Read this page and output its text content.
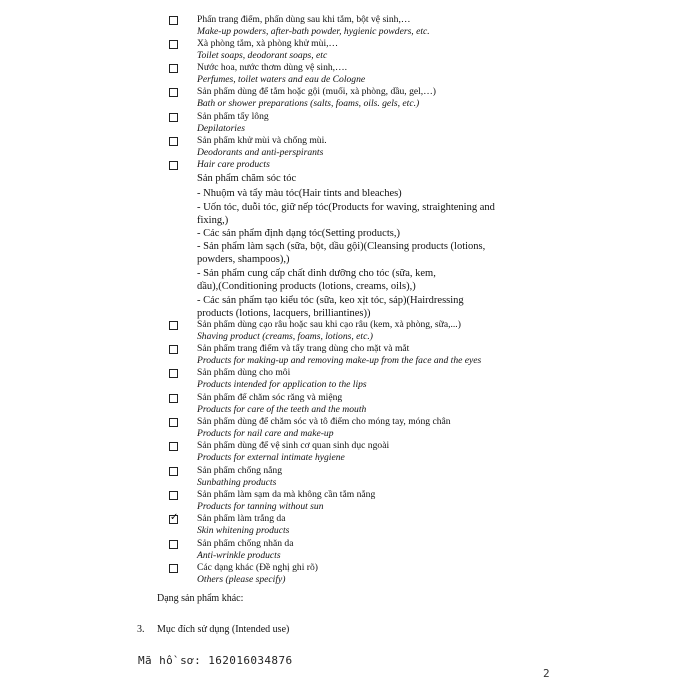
Phấn trang điểm, phấn dùng sau khi tắm, bột vệ sinh,…
Make-up powders, after-bath powder, hygienic powders, etc.
Xà phòng tắm, xà phòng khử mùi,…
Toilet soaps, deodorant soaps, etc
Nước hoa, nước thơm dùng vệ sinh,….
Perfumes, toilet waters and eau de Cologne
Sản phẩm dùng để tắm hoặc gội (muối, xà phòng, dầu, gel,…)
Bath or shower preparations (salts, foams, oils. gels, etc.)
Sản phẩm tẩy lông
Depilatories
Sản phẩm khử mùi và chống mùi.
Deodorants and anti-perspirants
Hair care products
Sản phẩm dùng cạo râu hoặc sau khi cạo râu (kem, xà phòng, sữa,...)
Shaving product (creams, foams, lotions, etc.)
Sản phẩm trang điểm và tẩy trang dùng cho mặt và mắt
Products for making-up and removing make-up from the face and the eyes
Sản phẩm dùng cho môi
Products intended for application to the lips
Sản phẩm để chăm sóc răng và miệng
Products for care of the teeth and the mouth
Sản phẩm dùng để chăm sóc và tô điểm cho móng tay, móng chân
Products for nail care and make-up
Sản phẩm dùng để vệ sinh cơ quan sinh dục ngoài
Products for external intimate hygiene
Sản phẩm chống nắng
Sunbathing products
Sản phẩm làm sạm da mà không cần tắm nắng
Products for tanning without sun
✓ Sản phẩm làm trắng da
Skin whitening products
Sản phẩm chống nhăn da
Anti-wrinkle products
Các dạng khác (Đề nghị ghi rõ)
Others (please specify)
Sản phẩm chăm sóc tóc
- Nhuộm và tẩy màu tóc(Hair tints and bleaches)
- Uốn tóc, duỗi tóc, giữ nếp tóc(Products for waving, straightening and
fixing,)
- Các sản phẩm định dạng tóc(Setting products,)
- Sản phẩm làm sạch (sữa, bột, dầu gội)(Cleansing products (lotions,
powders, shampoos),)
- Sản phẩm cung cấp chất dinh dưỡng cho tóc (sữa, kem,
dầu),(Conditioning products (lotions, creams, oils),)
- Các sản phẩm tạo kiểu tóc (sữa, keo xịt tóc, sáp)(Hairdressing
products (lotions, lacquers, brilliantines))
Dạng sản phẩm khác:
3. Mục đích sử dụng (Intended use)
Mã hồ sơ: 162016034876
2
